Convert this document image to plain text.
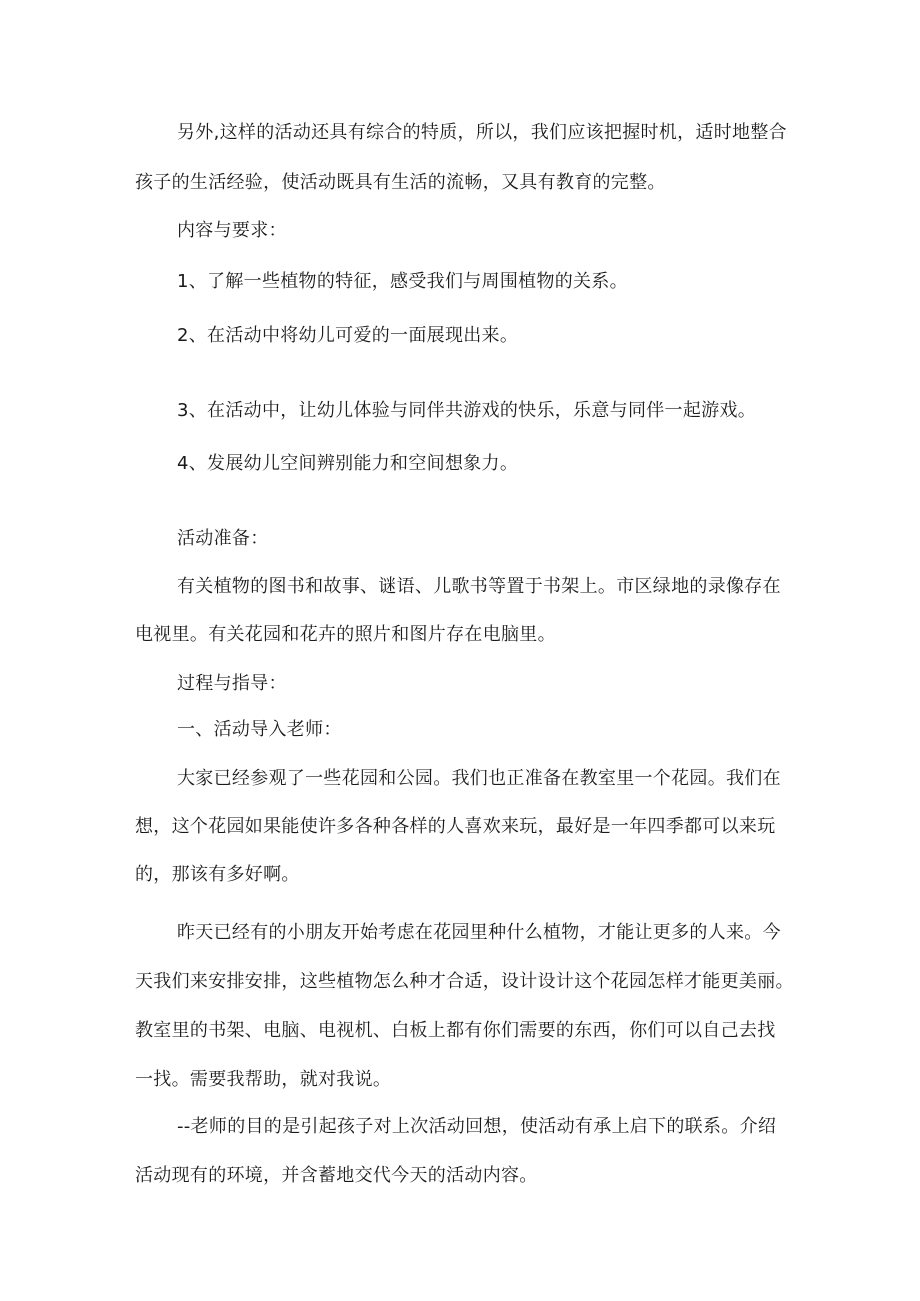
另外,这样的活动还具有综合的特质，所以，我们应该把握时机，适时地整合

孩子的生活经验，使活动既具有生活的流畅，又具有教育的完整。

内容与要求：

1、了解一些植物的特征，感受我们与周围植物的关系。

2、在活动中将幼儿可爱的一面展现出来。

3、在活动中，让幼儿体验与同伴共游戏的快乐，乐意与同伴一起游戏。

4、发展幼儿空间辨别能力和空间想象力。

活动准备：

有关植物的图书和故事、谜语、儿歌书等置于书架上。市区绿地的录像存在

电视里。有关花园和花卉的照片和图片存在电脑里。

过程与指导：

一、活动导入老师：

大家已经参观了一些花园和公园。我们也正准备在教室里一个花园。我们在

想，这个花园如果能使许多各种各样的人喜欢来玩，最好是一年四季都可以来玩

的，那该有多好啊。

昨天已经有的小朋友开始考虑在花园里种什么植物，才能让更多的人来。今

天我们来安排安排，这些植物怎么种才合适，设计设计这个花园怎样才能更美丽。

教室里的书架、电脑、电视机、白板上都有你们需要的东西，你们可以自己去找

一找。需要我帮助，就对我说。

--老师的目的是引起孩子对上次活动回想，使活动有承上启下的联系。介绍

活动现有的环境，并含蓄地交代今天的活动内容。
